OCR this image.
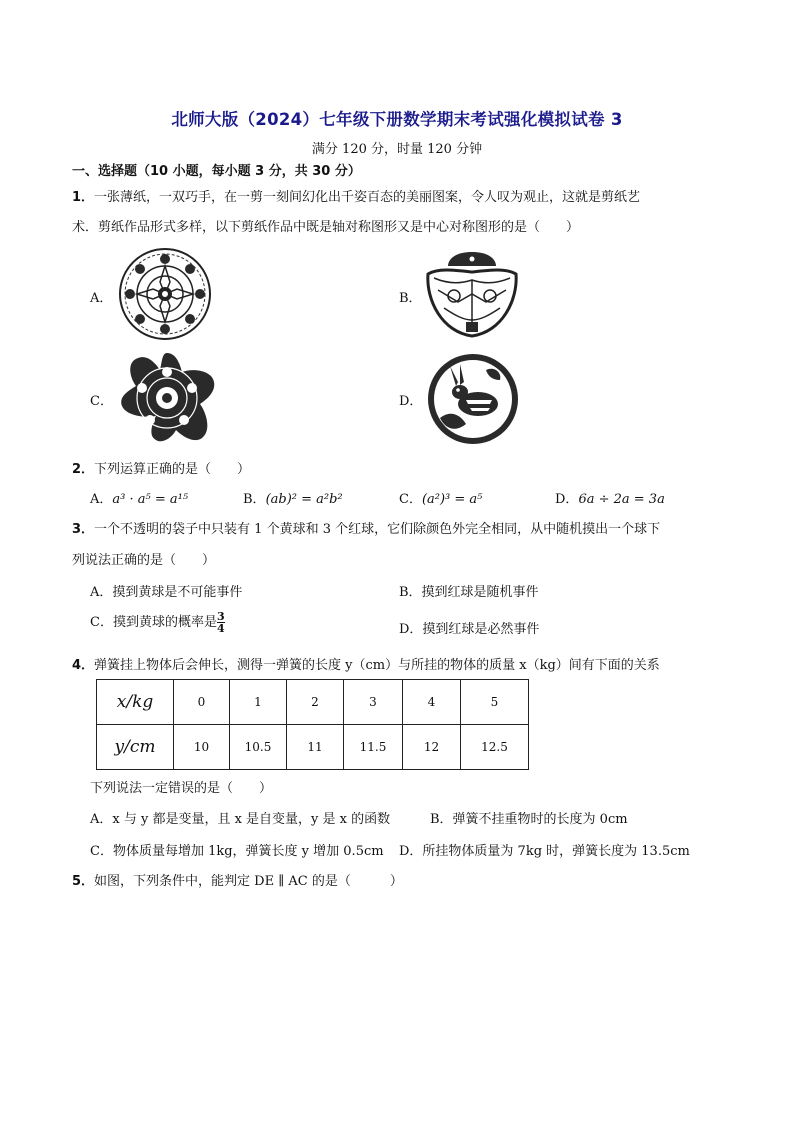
北师大版（2024）七年级下册数学期末考试强化模拟试卷 3
满分 120 分，时量 120 分钟
一、选择题（10 小题，每小题 3 分，共 30 分）
1．一张薄纸，一双巧手，在一剪一刻间幻化出千姿百态的美丽图案，令人叹为观止，这就是剪纸艺
术．剪纸作品形式多样，以下剪纸作品中既是轴对称图形又是中心对称图形的是（　　）
A．	B．
C．	D．
2．下列运算正确的是（　　）
A．a³ · a⁵ = a¹⁵	B．(ab)² = a²b²	C．(a²)³ = a⁵	D．6a ÷ 2a = 3a
3．一个不透明的袋子中只装有 1 个黄球和 3 个红球，它们除颜色外完全相同，从中随机摸出一个球下
列说法正确的是（　　）
A．摸到黄球是不可能事件	B．摸到红球是随机事件
C．摸到黄球的概率是 $\frac{3}{4}$	D．摸到红球是必然事件
4．弹簧挂上物体后会伸长，测得一弹簧的长度 y（cm）与所挂的物体的质量 x（kg）间有下面的关系
x/kg	0	1	2	3	4	5
y/cm	10	10.5	11	11.5	12	12.5
下列说法一定错误的是（　　）
A．x 与 y 都是变量，且 x 是自变量，y 是 x 的函数	B．弹簧不挂重物时的长度为 0cm
C．物体质量每增加 1kg，弹簧长度 y 增加 0.5cm D．所挂物体质量为 7kg 时，弹簧长度为 13.5cm
5．如图，下列条件中，能判定 DE ∥ AC 的是（　　　）
